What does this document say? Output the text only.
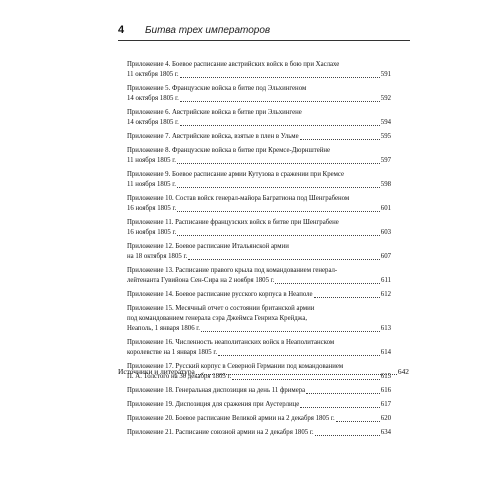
4 Битва трех императоров
Приложение 4. Боевое расписание австрийских войск в бою при Хаслахе
11 октября 1805 г.	591
Приложение 5. Французские войска в битве под Эльхингеном
14 октября 1805 г.	592
Приложение 6. Австрийские войска в битве при Эльхингене
14 октября 1805 г.	594
Приложение 7. Австрийские войска, взятые в плен в Ульме	595
Приложение 8. Французские войска в битве при Кремсе-Дюрнштейне
11 ноября 1805 г.	597
Приложение 9. Боевое расписание армии Кутузова в сражении при Кремсе
11 ноября 1805 г.	598
Приложение 10. Состав войск генерал-майора Багратиона под Шенграбеном
16 ноября 1805 г.	601
Приложение 11. Расписание французских войск в битве при Шенграбене
16 ноября 1805 г.	603
Приложение 12. Боевое расписание Итальянской армии
на 18 октября 1805 г.	607
Приложение 13. Расписание правого крыла под командованием генерал-
лейтенанта Гувийона Сен-Сира на 2 ноября 1805 г.	611
Приложение 14. Боевое расписание русского корпуса в Неаполе	612
Приложение 15. Месячный отчет о состоянии британской армии
под командованием генерала сэра Джеймса Генриха Крейджа,
Неаполь, 1 января 1806 г.	613
Приложение 16. Численность неаполитанских войск в Неаполитанском
королевстве на 1 января 1805 г.	614
Приложение 17. Русский корпус в Северной Германии под командованием
П. А. Толстого на 30 декабря 1805 г.	615
Приложение 18. Генеральная диспозиция на день 11 фримера	616
Приложение 19. Диспозиция для сражения при Аустерлице	617
Приложение 20. Боевое расписание Великой армии на 2 декабря 1805 г.	620
Приложение 21. Расписание союзной армии на 2 декабря 1805 г.	634
Источники и литература	642
